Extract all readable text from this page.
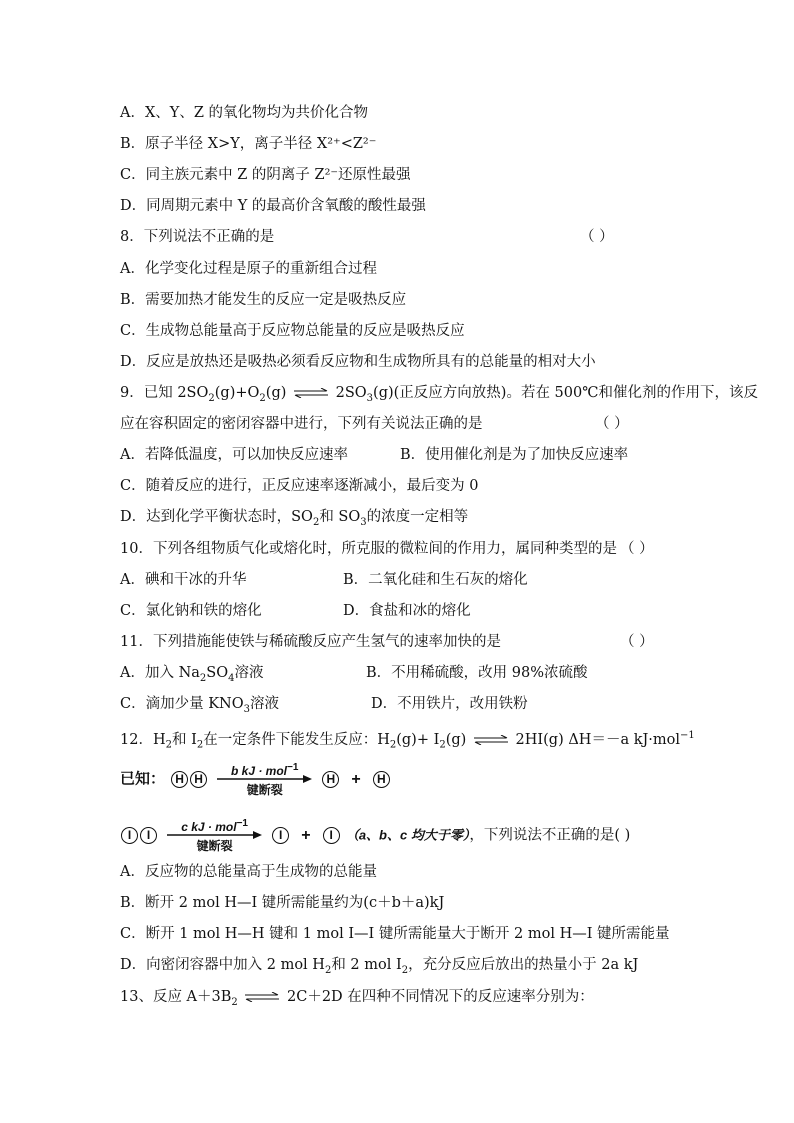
A．X、Y、Z 的氧化物均为共价化合物
B．原子半径 X>Y，离子半径 X²⁺<Z²⁻
C．同主族元素中 Z 的阴离子 Z²⁻还原性最强
D．同周期元素中 Y 的最高价含氧酸的酸性最强
8．下列说法不正确的是	（ ）
A．化学变化过程是原子的重新组合过程
B．需要加热才能发生的反应一定是吸热反应
C．生成物总能量高于反应物总能量的反应是吸热反应
D．反应是放热还是吸热必须看反应物和生成物所具有的总能量的相对大小
9．已知 $2SO_2(g)+O_2(g)$ ⇌ $2SO_3(g)$(正反应方向放热)。若在 500℃和催化剂的作用下，该反
应在容积固定的密闭容器中进行，下列有关说法正确的是	（ ）
A．若降低温度，可以加快反应速率	B．使用催化剂是为了加快反应速率
C．随着反应的进行，正反应速率逐渐减小，最后变为 0
D．达到化学平衡状态时，$SO_2$和 $SO_3$的浓度一定相等
10．下列各组物质气化或熔化时，所克服的微粒间的作用力，属同种类型的是 （ ）
A．碘和干冰的升华	B．二氧化硅和生石灰的熔化
C．氯化钠和铁的熔化	D．食盐和冰的熔化
11．下列措施能使铁与稀硫酸反应产生氢气的速率加快的是	（ ）
A．加入 $Na_2SO_4$溶液	B．不用稀硫酸，改用 98%浓硫酸
C．滴加少量 $KNO_3$溶液	D．不用铁片，改用铁粉
12．$H_2$和 $I_2$在一定条件下能发生反应：$H_2(g)+ I_2(g)$ ⇌ 2HI(g) ΔH＝－a kJ·mol$^{-1}$
已知： H H
b kJ · mol$^{-1}$
键断裂
H + H
I I
c kJ · mol$^{-1}$
键断裂
I + I （a、b、c 均大于零），下列说法不正确的是( )
A．反应物的总能量高于生成物的总能量
B．断开 2 mol H—I 键所需能量约为(c＋b＋a)kJ
C．断开 1 mol H—H 键和 1 mol I—I 键所需能量大于断开 2 mol H—I 键所需能量
D．向密闭容器中加入 2 mol $H_2$和 2 mol $I_2$，充分反应后放出的热量小于 2a kJ
13、反应 $A+3B_2$ ⇌ 2C＋2D 在四种不同情况下的反应速率分别为：
